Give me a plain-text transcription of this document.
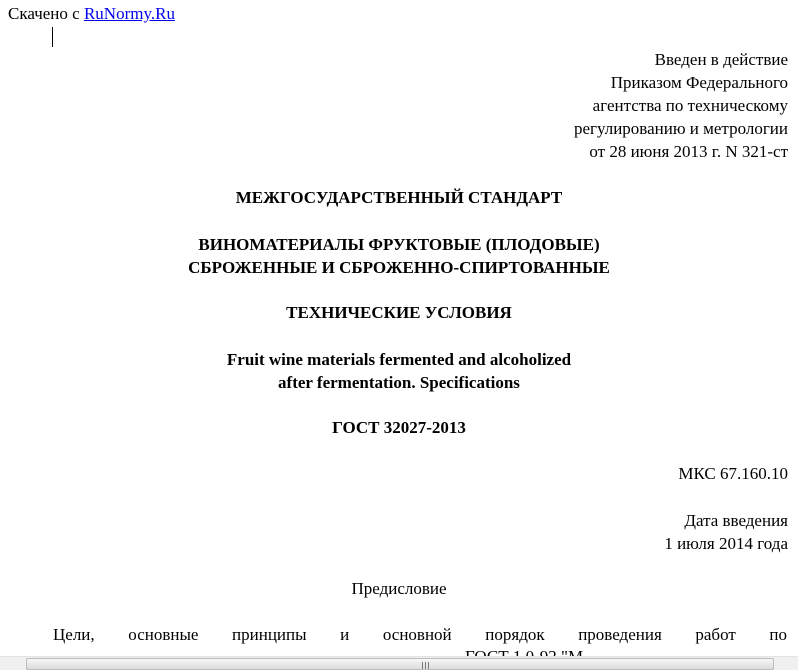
Скачено с RuNormy.Ru
Введен в действие
Приказом Федерального
агентства по техническому
регулированию и метрологии
от 28 июня 2013 г. N 321-ст
МЕЖГОСУДАРСТВЕННЫЙ СТАНДАРТ
ВИНОМАТЕРИАЛЫ ФРУКТОВЫЕ (ПЛОДОВЫЕ)
СБРОЖЕННЫЕ И СБРОЖЕННО-СПИРТОВАННЫЕ
ТЕХНИЧЕСКИЕ УСЛОВИЯ
Fruit wine materials fermented and alcoholized
after fermentation. Specifications
ГОСТ 32027-2013
МКС 67.160.10
Дата введения
1 июля 2014 года
Предисловие
Цели, основные принципы и основной порядок проведения работ по
